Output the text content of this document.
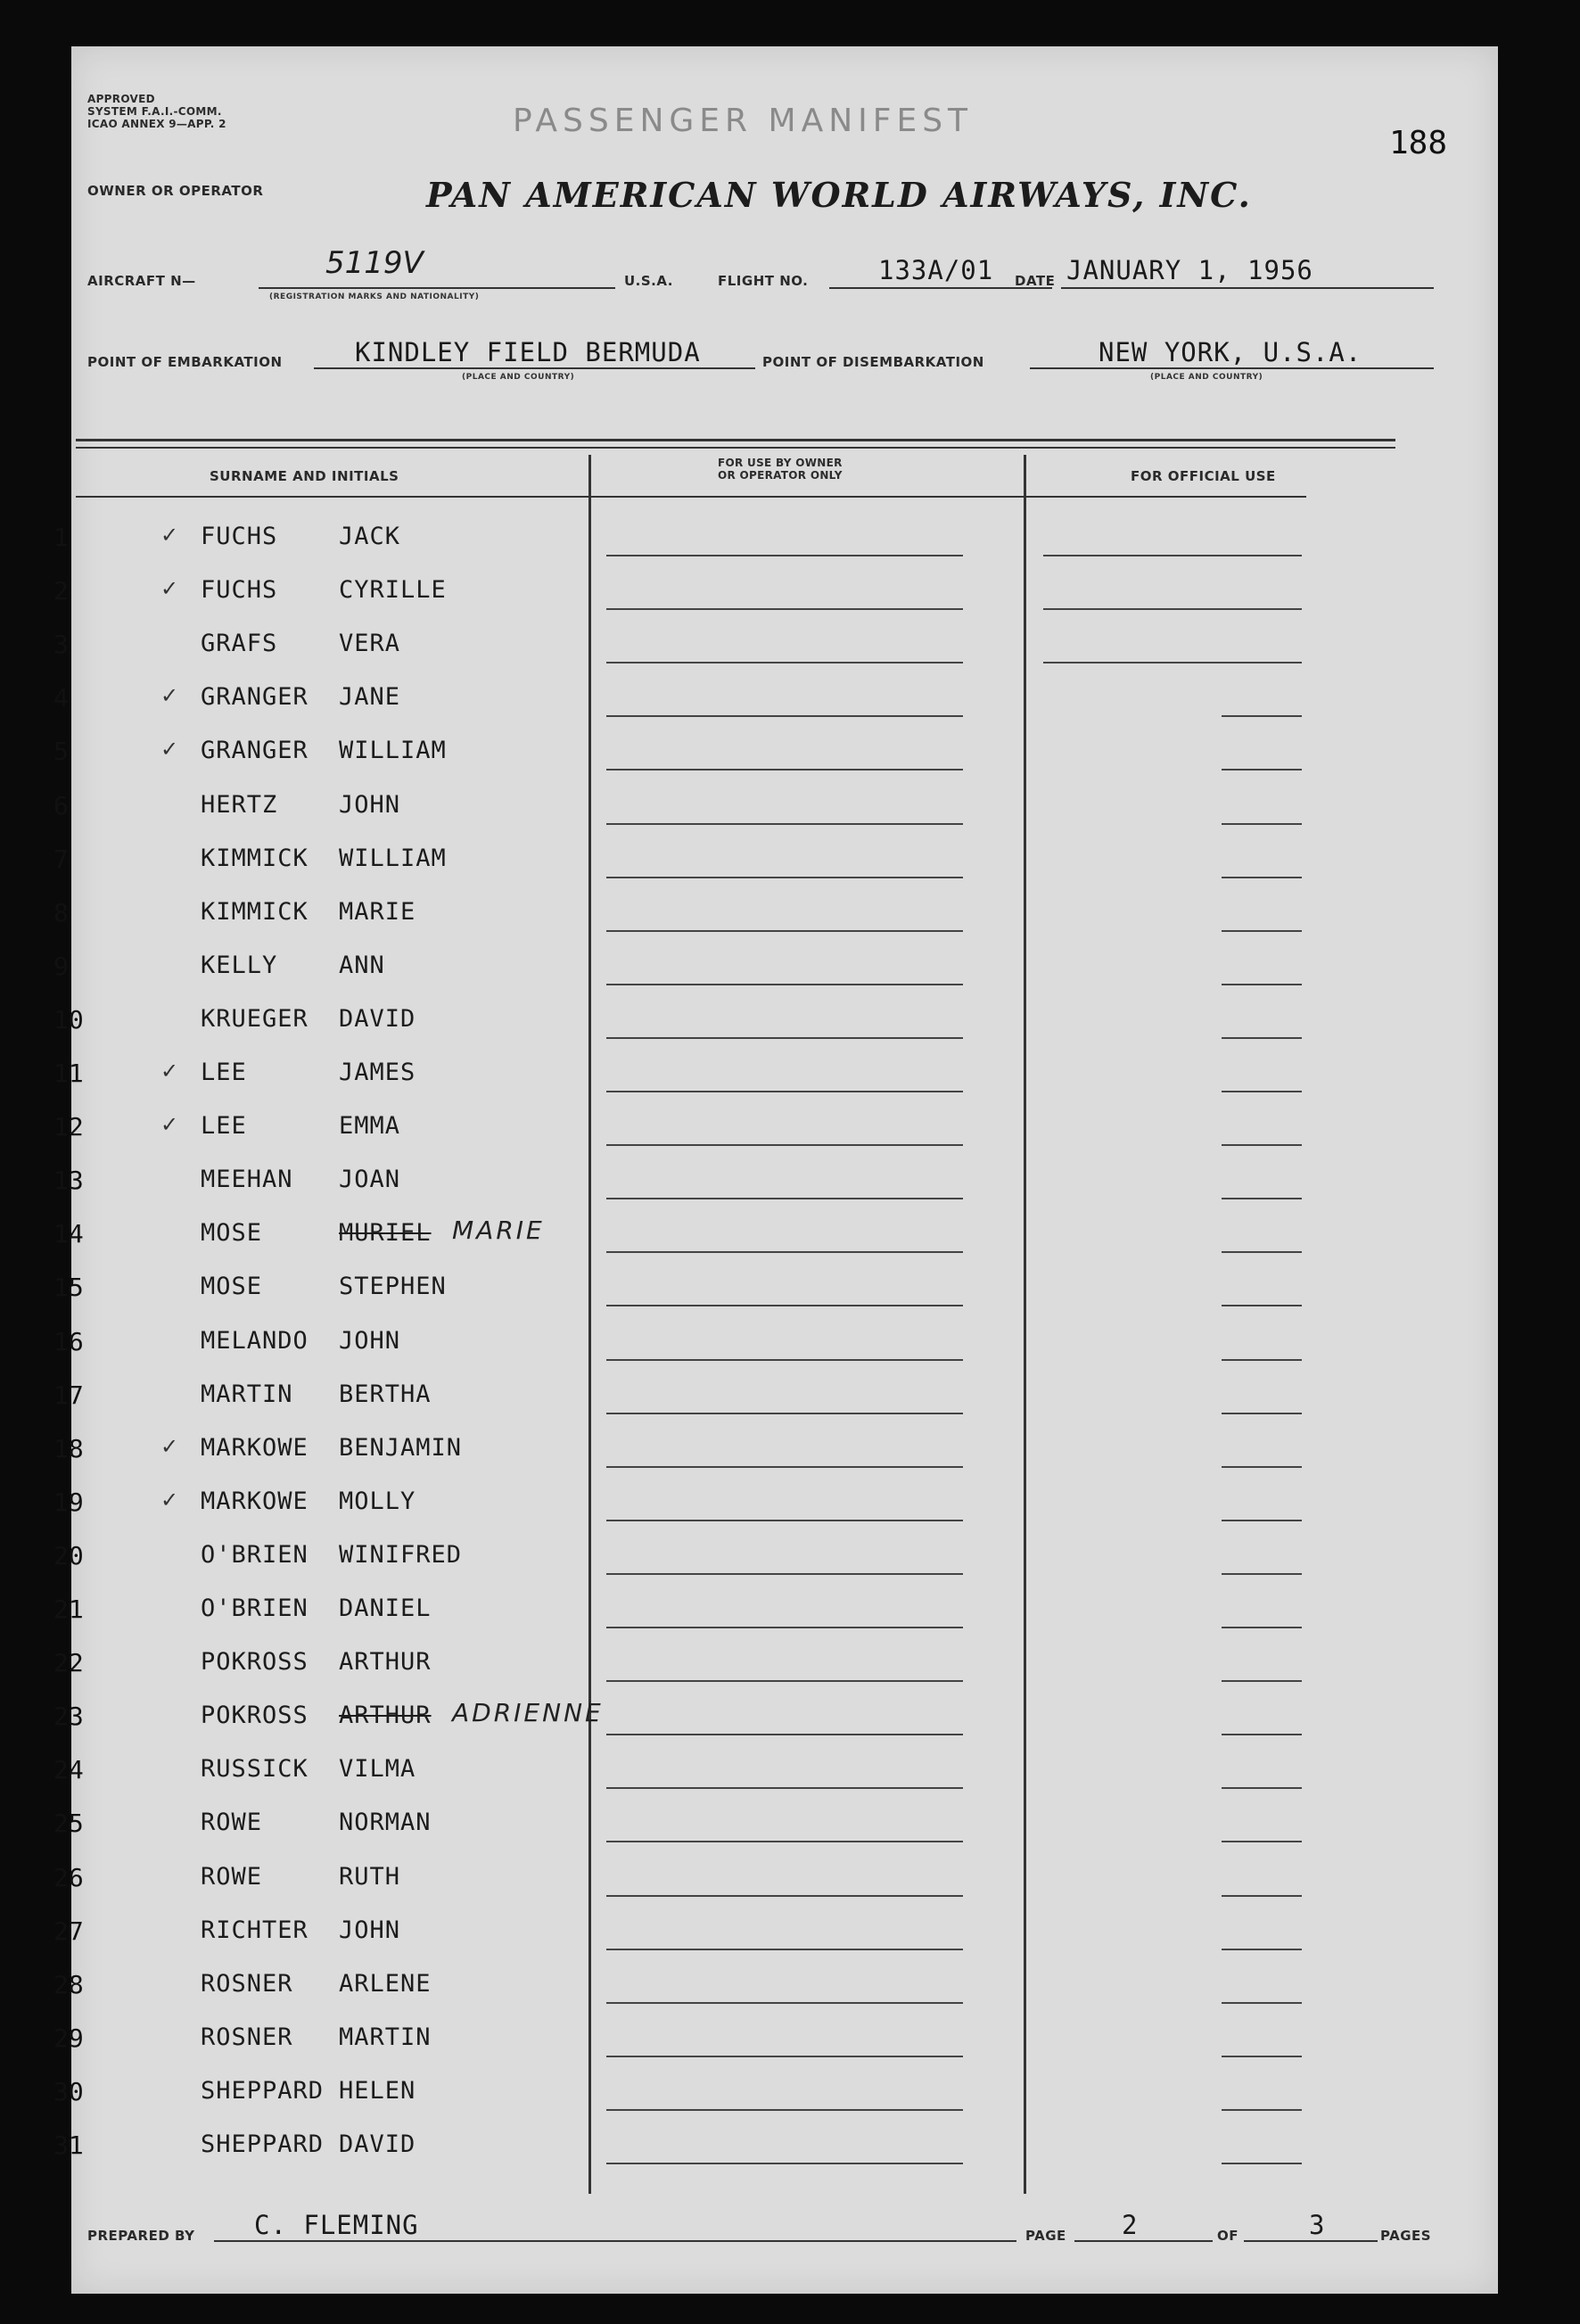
APPROVED
SYSTEM F.A.I.-COMM.
ICAO ANNEX 9—APP. 2	PASSENGER MANIFEST
188
OWNER OR OPERATOR	PAN AMERICAN WORLD AIRWAYS, INC.
AIRCRAFT N—	5119V
(REGISTRATION MARKS AND NATIONALITY)
U.S.A.	FLIGHT NO.	133A/01 DATE JANUARY 1, 1956
POINT OF EMBARKATION	KINDLEY FIELD BERMUDA
(PLACE AND COUNTRY)
POINT OF DISEMBARKATION	NEW YORK, U.S.A.
(PLACE AND COUNTRY)
SURNAME AND INITIALS
FOR USE BY OWNER
OR OPERATOR ONLY	FOR OFFICIAL USE
1	✓ FUCHS	JACK
2	✓ FUCHS	CYRILLE
3	GRAFS	VERA
4	✓ GRANGER JANE
5	✓ GRANGER WILLIAM
6	HERTZ	JOHN
7	KIMMICK WILLIAM
8	KIMMICK MARIE
9	KELLY	ANN
10	KRUEGER DAVID
11	✓ LEE	JAMES
12	✓ LEE	EMMA
13	MEEHAN JOAN
14	MOSE	MURIEL MARIE
15	MOSE	STEPHEN
16	MELANDO JOHN
17	MARTIN BERTHA
18	✓ MARKOWE BENJAMIN
19	✓ MARKOWE MOLLY
20	O'BRIEN WINIFRED
21	O'BRIEN DANIEL
22	POKROSS ARTHUR
23	POKROSS ARTHUR ADRIENNE
24	RUSSICK VILMA
25	ROWE	NORMAN
26	ROWE	RUTH
27	RICHTER JOHN
28	ROSNER ARLENE
29	ROSNER MARTIN
30	SHEPPARD HELEN
31	SHEPPARD DAVID
PREPARED BY C. FLEMING	PAGE 2	OF	3	PAGES
